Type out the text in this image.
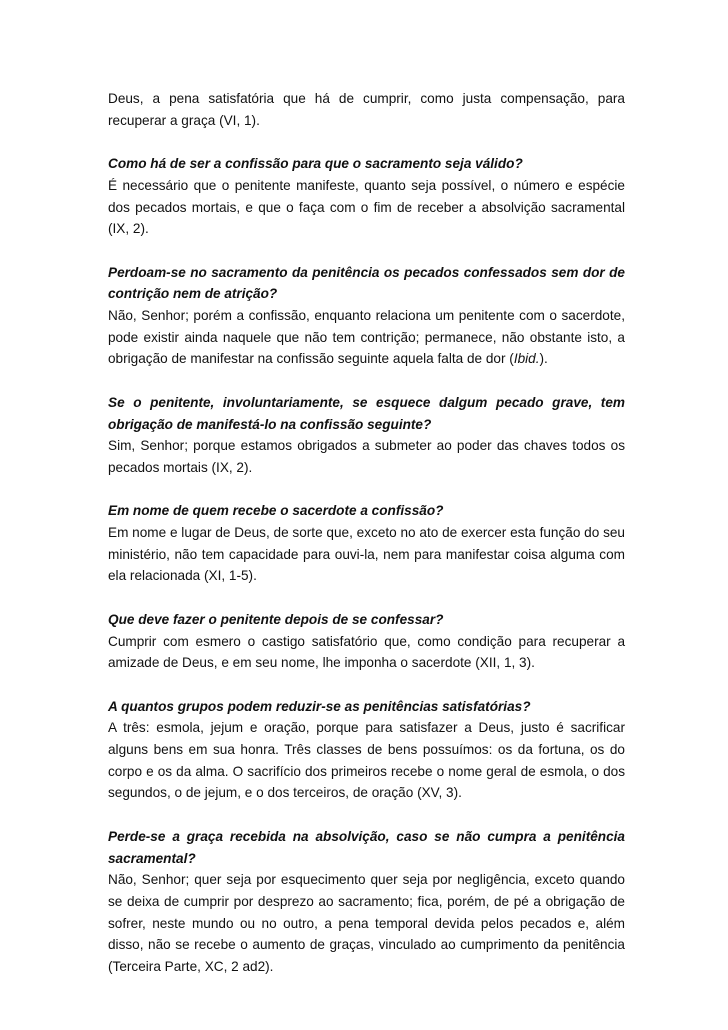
Deus, a pena satisfatória que há de cumprir, como justa compensação, para recuperar a graça (VI, 1).

Como há de ser a confissão para que o sacramento seja válido?

É necessário que o penitente manifeste, quanto seja possível, o número e espécie dos pecados mortais, e que o faça com o fim de receber a absolvição sacramental (IX, 2).

Perdoam-se no sacramento da penitência os pecados confessados sem dor de contrição nem de atrição?

Não, Senhor; porém a confissão, enquanto relaciona um penitente com o sacerdote, pode existir ainda naquele que não tem contrição; permanece, não obstante isto, a obrigação de manifestar na confissão seguinte aquela falta de dor (Ibid.).

Se o penitente, involuntariamente, se esquece dalgum pecado grave, tem obrigação de manifestá-lo na confissão seguinte?

Sim, Senhor; porque estamos obrigados a submeter ao poder das chaves todos os pecados mortais (IX, 2).

Em nome de quem recebe o sacerdote a confissão?

Em nome e lugar de Deus, de sorte que, exceto no ato de exercer esta função do seu ministério, não tem capacidade para ouvi-la, nem para manifestar coisa alguma com ela relacionada (XI, 1-5).

Que deve fazer o penitente depois de se confessar?

Cumprir com esmero o castigo satisfatório que, como condição para recuperar a amizade de Deus, e em seu nome, lhe imponha o sacerdote (XII, 1, 3).

A quantos grupos podem reduzir-se as penitências satisfatórias?

A três: esmola, jejum e oração, porque para satisfazer a Deus, justo é sacrificar alguns bens em sua honra. Três classes de bens possuímos: os da fortuna, os do corpo e os da alma. O sacrifício dos primeiros recebe o nome geral de esmola, o dos segundos, o de jejum, e o dos terceiros, de oração (XV, 3).

Perde-se a graça recebida na absolvição, caso se não cumpra a penitência sacramental?

Não, Senhor; quer seja por esquecimento quer seja por negligência, exceto quando se deixa de cumprir por desprezo ao sacramento; fica, porém, de pé a obrigação de sofrer, neste mundo ou no outro, a pena temporal devida pelos pecados e, além disso, não se recebe o aumento de graças, vinculado ao cumprimento da penitência (Terceira Parte, XC, 2 ad2).
